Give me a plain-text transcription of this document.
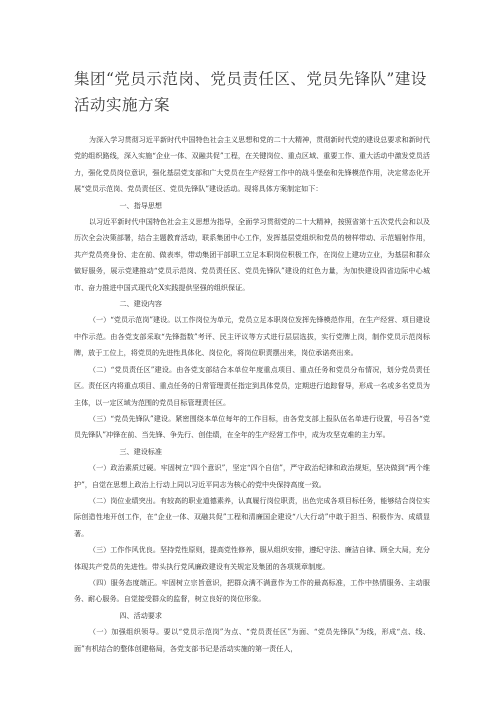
集团“党员示范岗、党员责任区、党员先锋队”建设活动实施方案

为深入学习贯彻习近平新时代中国特色社会主义思想和党的二十大精神，贯彻新时代党的建设总要求和新时代党的组织路线，深入实施“企业一体、双融共促”工程，在关键岗位、重点区域、重要工作、重大活动中激发党员活力，强化党员岗位意识，强化基层党支部和广大党员在生产经营工作中的战斗堡垒和先锋模范作用，决定常态化开展“党员示范岗、党员责任区、党员先锋队”建设活动。现将具体方案制定如下：

一、指导思想

以习近平新时代中国特色社会主义思想为指导，全面学习贯彻党的二十大精神，按照省第十五次党代会和以及历次全会决策部署，结合主题教育活动，联系集团中心工作，发挥基层党组织和党员的榜样带动、示范辐射作用，共产党员亮身份、走在前、做表率，带动集团干部职工立足本职岗位积极工作，在岗位上建功立业，为基层和群众做好服务，展示党建推动“党员示范岗、党员责任区、党员先锋队”建设的红色力量，为加快建设四省边际中心城市、奋力推进中国式现代化X实践提供坚强的组织保证。

二、建设内容

（一）“党员示范岗”建设。以工作岗位为单元，党员立足本职岗位发挥先锋模范作用，在生产经营、项目建设中作示范。由各党支部采取“先锋指数”考评、民主评议等方式进行层层选拔，实行党牌上岗，制作党员示范岗标牌，放于工位上，将党员的先进性具体化、岗位化，将岗位职责摆出来，岗位承诺亮出来。

（二）“党员责任区”建设。由各党支部结合本单位年度重点项目、重点任务和党员分布情况，划分党员责任区。责任区内将重点项目、重点任务的日常管理责任指定到具体党员，定期进行追踪督导，形成一名或多名党员为主体，以一定区域为范围的党员目标管理责任区。

（三）“党员先锋队”建设。紧密围绕本单位每年的工作目标，由各党支部上报队伍名单进行设置，号召各“党员先锋队”冲锋在前、当先锋、争先行、创佳绩，在全年的生产经营工作中，成为攻坚克难的主力军。

三、建设标准

（一）政治素质过硬。牢固树立“四个意识”，坚定“四个自信”，严守政治纪律和政治规矩，坚决做到“两个维护”，自觉在思想上政治上行动上同以习近平同志为核心的党中央保持高度一致。

（二）岗位业绩突出。有较高的职业道德素养，认真履行岗位职责，出色完成各项目标任务，能够结合岗位实际创造性地开创工作，在“企业一体、双融共促”工程和清廉国企建设“八大行动”中敢于担当、积极作为、成绩显著。

（三）工作作风优良。坚持党性原则，提高党性修养，服从组织安排，遵纪守法、廉洁自律、顾全大局，充分体现共产党员的先进性。带头执行党风廉政建设有关规定及集团的各项规章制度。

（四）服务态度端正。牢固树立宗旨意识，把群众满不满意作为工作的最高标准，工作中热情服务、主动服务、耐心服务。自觉接受群众的监督，树立良好的岗位形象。

四、活动要求

（一）加强组织领导。要以“党员示范岗”为点、“党员责任区”为面、“党员先锋队”为线，形成“点、线、面”有机结合的整体创建格局，各党支部书记是活动实施的第一责任人，
